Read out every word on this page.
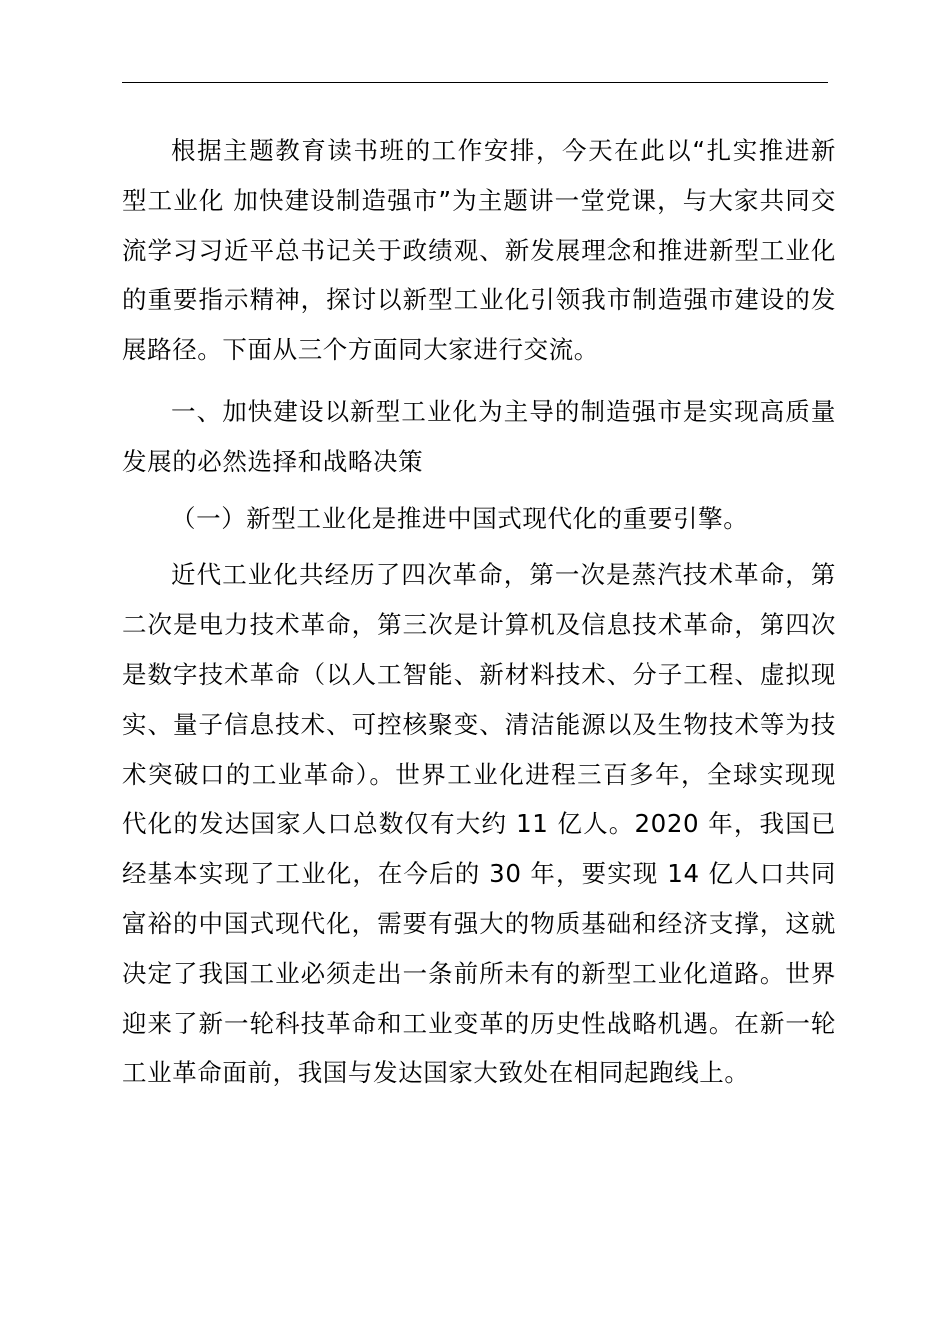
根据主题教育读书班的工作安排，今天在此以“扎实推进新型工业化 加快建设制造强市”为主题讲一堂党课，与大家共同交流学习习近平总书记关于政绩观、新发展理念和推进新型工业化的重要指示精神，探讨以新型工业化引领我市制造强市建设的发展路径。下面从三个方面同大家进行交流。

一、加快建设以新型工业化为主导的制造强市是实现高质量发展的必然选择和战略决策

（一）新型工业化是推进中国式现代化的重要引擎。

近代工业化共经历了四次革命，第一次是蒸汽技术革命，第二次是电力技术革命，第三次是计算机及信息技术革命，第四次是数字技术革命（以人工智能、新材料技术、分子工程、虚拟现实、量子信息技术、可控核聚变、清洁能源以及生物技术等为技术突破口的工业革命）。世界工业化进程三百多年，全球实现现代化的发达国家人口总数仅有大约 11 亿人。2020 年，我国已经基本实现了工业化，在今后的 30 年，要实现 14 亿人口共同富裕的中国式现代化，需要有强大的物质基础和经济支撑，这就决定了我国工业必须走出一条前所未有的新型工业化道路。世界迎来了新一轮科技革命和工业变革的历史性战略机遇。在新一轮工业革命面前，我国与发达国家大致处在相同起跑线上。
